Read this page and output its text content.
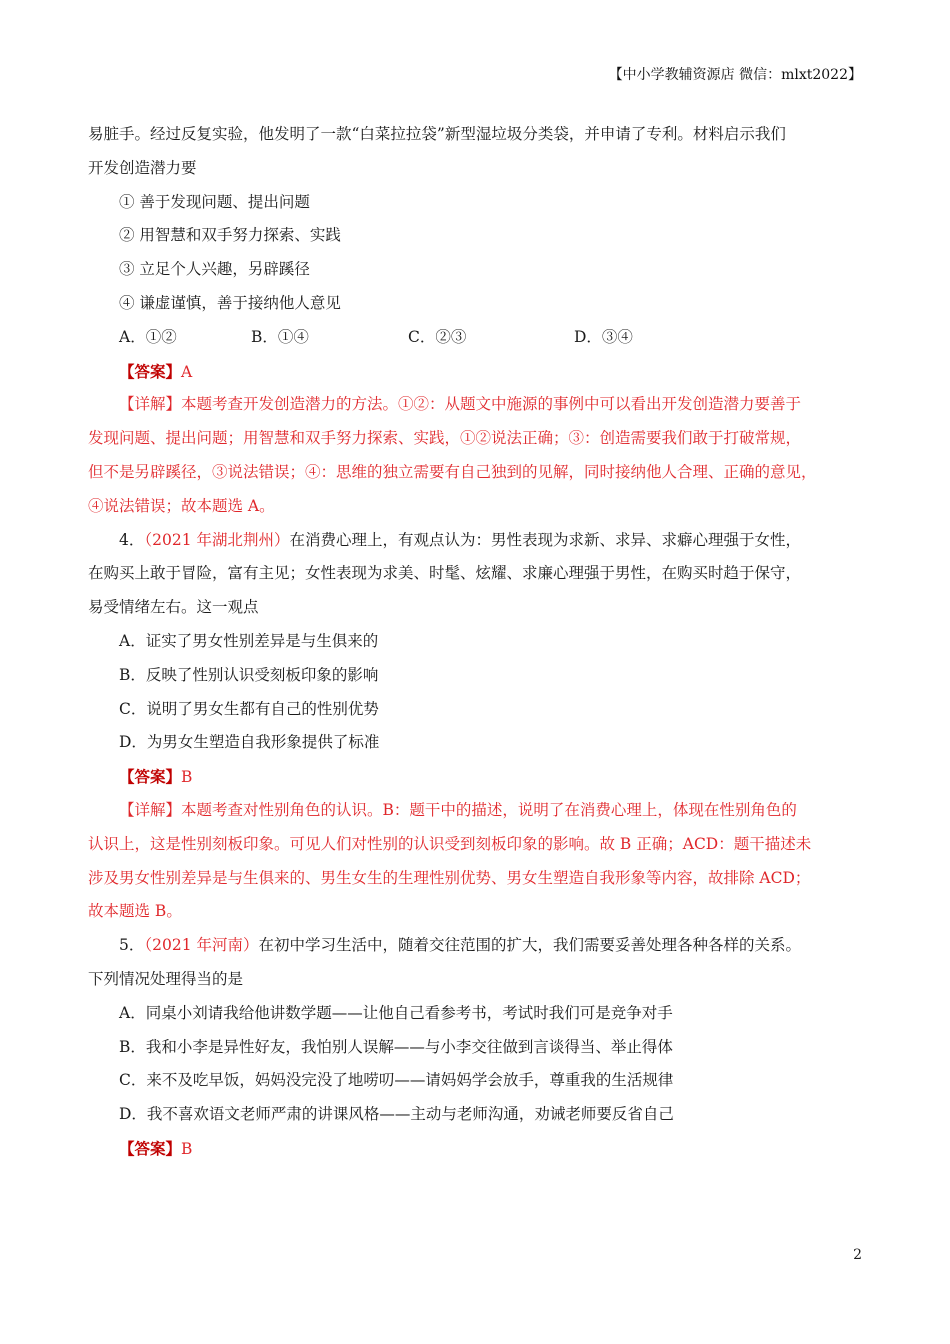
【中小学教辅资源店 微信：mlxt2022】
易脏手。经过反复实验，他发明了一款“白菜拉拉袋”新型湿垃圾分类袋，并申请了专利。材料启示我们
开发创造潜力要
① 善于发现问题、提出问题
② 用智慧和双手努力探索、实践
③ 立足个人兴趣，另辟蹊径
④ 谦虚谨慎，善于接纳他人意见
A．①②	B．①④	C．②③	D．③④
【答案】A
【详解】本题考查开发创造潜力的方法。①②：从题文中施源的事例中可以看出开发创造潜力要善于
发现问题、提出问题；用智慧和双手努力探索、实践，①②说法正确；③：创造需要我们敢于打破常规，
但不是另辟蹊径，③说法错误；④：思维的独立需要有自己独到的见解，同时接纳他人合理、正确的意见，
④说法错误；故本题选 A。
4．（2021 年湖北荆州）在消费心理上，有观点认为：男性表现为求新、求异、求癖心理强于女性，
在购买上敢于冒险，富有主见；女性表现为求美、时髦、炫耀、求廉心理强于男性，在购买时趋于保守，
易受情绪左右。这一观点
A．证实了男女性别差异是与生俱来的
B．反映了性别认识受刻板印象的影响
C．说明了男女生都有自己的性别优势
D．为男女生塑造自我形象提供了标准
【答案】B
【详解】本题考查对性别角色的认识。B：题干中的描述，说明了在消费心理上，体现在性别角色的
认识上，这是性别刻板印象。可见人们对性别的认识受到刻板印象的影响。故 B 正确；ACD：题干描述未
涉及男女性别差异是与生俱来的、男生女生的生理性别优势、男女生塑造自我形象等内容，故排除 ACD；
故本题选 B。
5．（2021 年河南）在初中学习生活中，随着交往范围的扩大，我们需要妥善处理各种各样的关系。
下列情况处理得当的是
A．同桌小刘请我给他讲数学题——让他自己看参考书，考试时我们可是竞争对手
B．我和小李是异性好友，我怕别人误解——与小李交往做到言谈得当、举止得体
C．来不及吃早饭，妈妈没完没了地唠叨——请妈妈学会放手，尊重我的生活规律
D．我不喜欢语文老师严肃的讲课风格——主动与老师沟通，劝诫老师要反省自己
【答案】B
2
